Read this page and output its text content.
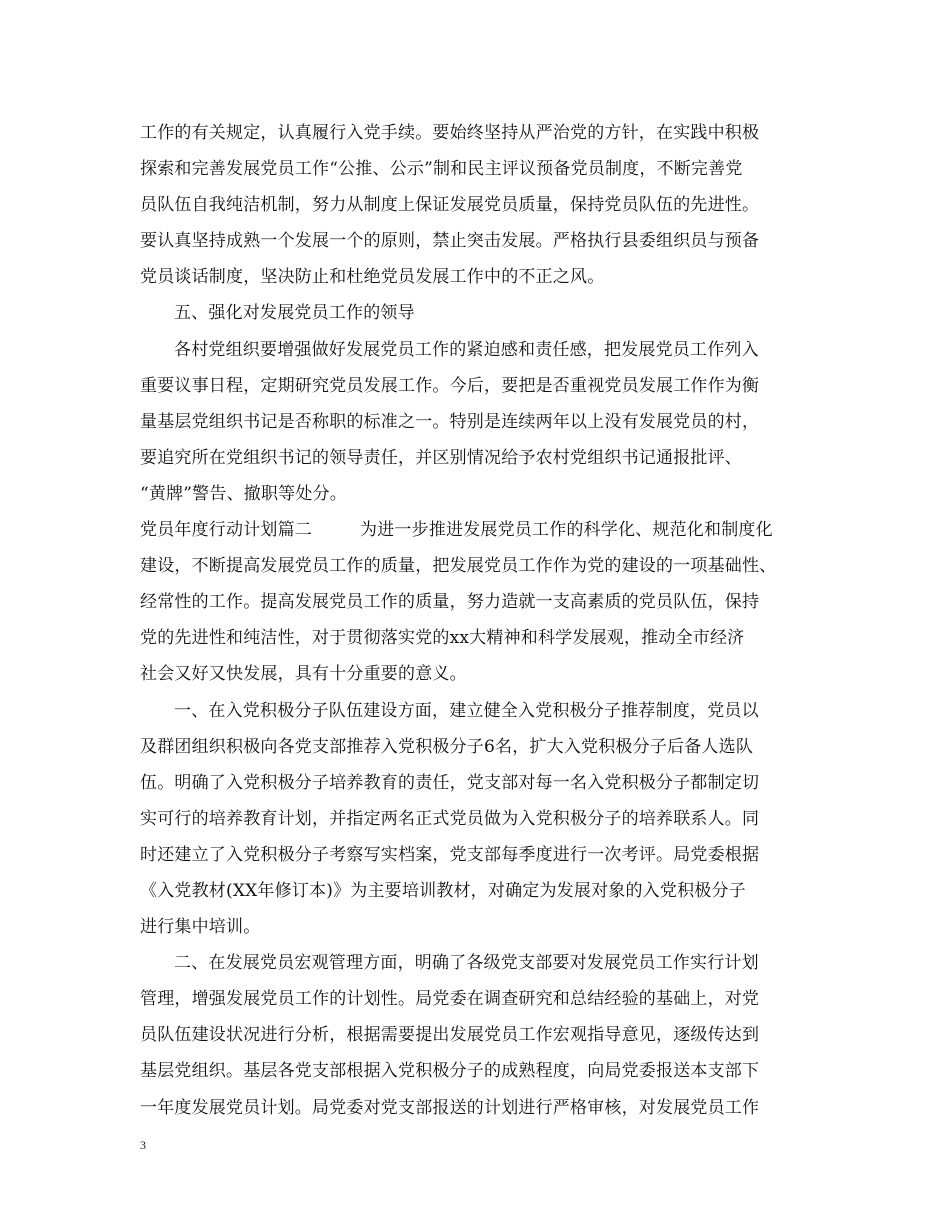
工作的有关规定，认真履行入党手续。要始终坚持从严治党的方针，在实践中积极
探索和完善发展党员工作“公推、公示”制和民主评议预备党员制度，不断完善党
员队伍自我纯洁机制，努力从制度上保证发展党员质量，保持党员队伍的先进性。
要认真坚持成熟一个发展一个的原则，禁止突击发展。严格执行县委组织员与预备
党员谈话制度，坚决防止和杜绝党员发展工作中的不正之风。
五、强化对发展党员工作的领导
各村党组织要增强做好发展党员工作的紧迫感和责任感，把发展党员工作列入
重要议事日程，定期研究党员发展工作。今后，要把是否重视党员发展工作作为衡
量基层党组织书记是否称职的标准之一。特别是连续两年以上没有发展党员的村，
要追究所在党组织书记的领导责任，并区别情况给予农村党组织书记通报批评、
“黄牌”警告、撤职等处分。
党员年度行动计划篇二	为进一步推进发展党员工作的科学化、规范化和制度化
建设，不断提高发展党员工作的质量，把发展党员工作作为党的建设的一项基础性、
经常性的工作。提高发展党员工作的质量，努力造就一支高素质的党员队伍，保持
党的先进性和纯洁性，对于贯彻落实党的xx大精神和科学发展观，推动全市经济
社会又好又快发展，具有十分重要的意义。
一、在入党积极分子队伍建设方面，建立健全入党积极分子推荐制度，党员以
及群团组织积极向各党支部推荐入党积极分子6名，扩大入党积极分子后备人选队
伍。明确了入党积极分子培养教育的责任，党支部对每一名入党积极分子都制定切
实可行的培养教育计划，并指定两名正式党员做为入党积极分子的培养联系人。同
时还建立了入党积极分子考察写实档案，党支部每季度进行一次考评。局党委根据
《入党教材(XX年修订本)》为主要培训教材，对确定为发展对象的入党积极分子
进行集中培训。
二、在发展党员宏观管理方面，明确了各级党支部要对发展党员工作实行计划
管理，增强发展党员工作的计划性。局党委在调查研究和总结经验的基础上，对党
员队伍建设状况进行分析，根据需要提出发展党员工作宏观指导意见，逐级传达到
基层党组织。基层各党支部根据入党积极分子的成熟程度，向局党委报送本支部下
一年度发展党员计划。局党委对党支部报送的计划进行严格审核，对发展党员工作
3
